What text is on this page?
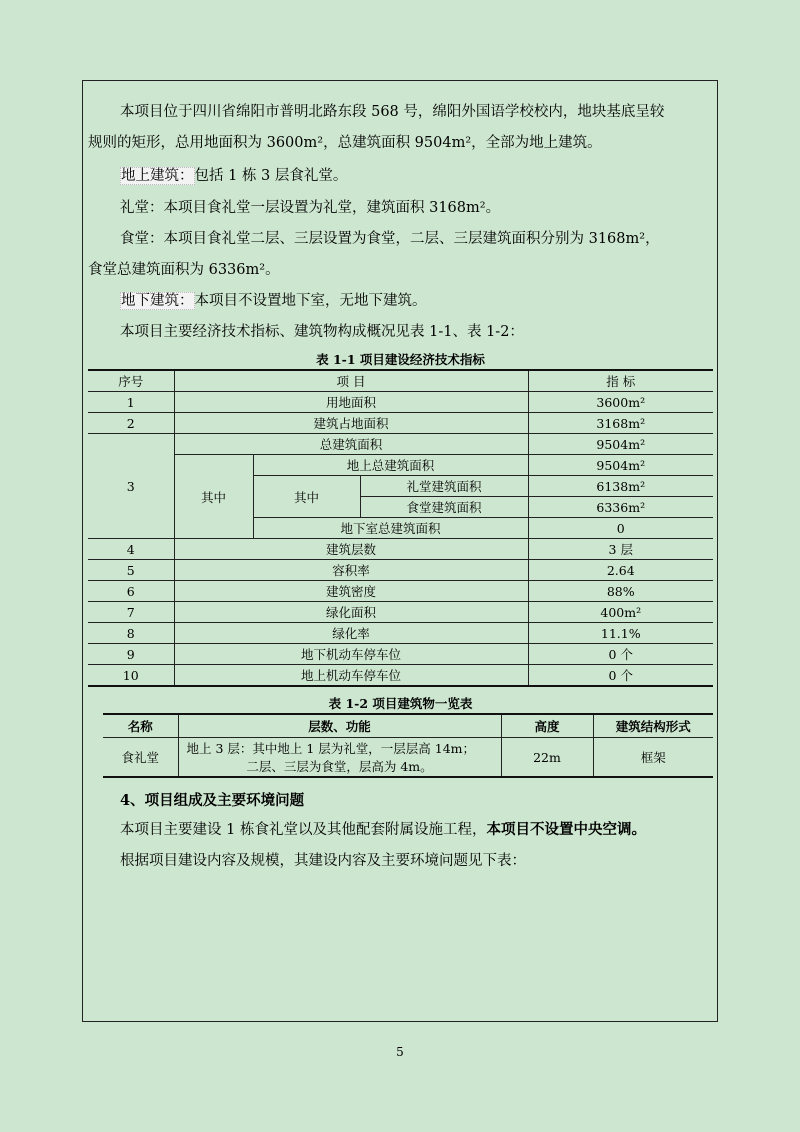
本项目位于四川省绵阳市普明北路东段 568 号，绵阳外国语学校校内，地块基底呈较
规则的矩形，总用地面积为 3600m²，总建筑面积 9504m²，全部为地上建筑。
地上建筑：包括 1 栋 3 层食礼堂。
礼堂：本项目食礼堂一层设置为礼堂，建筑面积 3168m²。
食堂：本项目食礼堂二层、三层设置为食堂，二层、三层建筑面积分别为 3168m²，
食堂总建筑面积为 6336m²。
地下建筑：本项目不设置地下室，无地下建筑。
本项目主要经济技术指标、建筑物构成概况见表 1-1、表 1-2：
表 1-1 项目建设经济技术指标
序号	项 目			指 标
1	用地面积			3600m²
2	建筑占地面积			3168m²
3	总建筑面积			9504m²
	其中	地上总建筑面积		9504m²
		其中	礼堂建筑面积	6138m²
			食堂建筑面积	6336m²
		地下室总建筑面积		0
4	建筑层数			3 层
5	容积率			2.64
6	建筑密度			88%
7	绿化面积			400m²
8	绿化率			11.1%
9	地下机动车停车位			0 个
10	地上机动车停车位			0 个
表 1-2 项目建筑物一览表
名称	层数、功能	高度	建筑结构形式
食礼堂	地上 3 层：其中地上 1 层为礼堂，一层层高 14m；
二层、三层为食堂，层高为 4m。	22m	框架
4、项目组成及主要环境问题
本项目主要建设 1 栋食礼堂以及其他配套附属设施工程，本项目不设置中央空调。
根据项目建设内容及规模，其建设内容及主要环境问题见下表：
5
